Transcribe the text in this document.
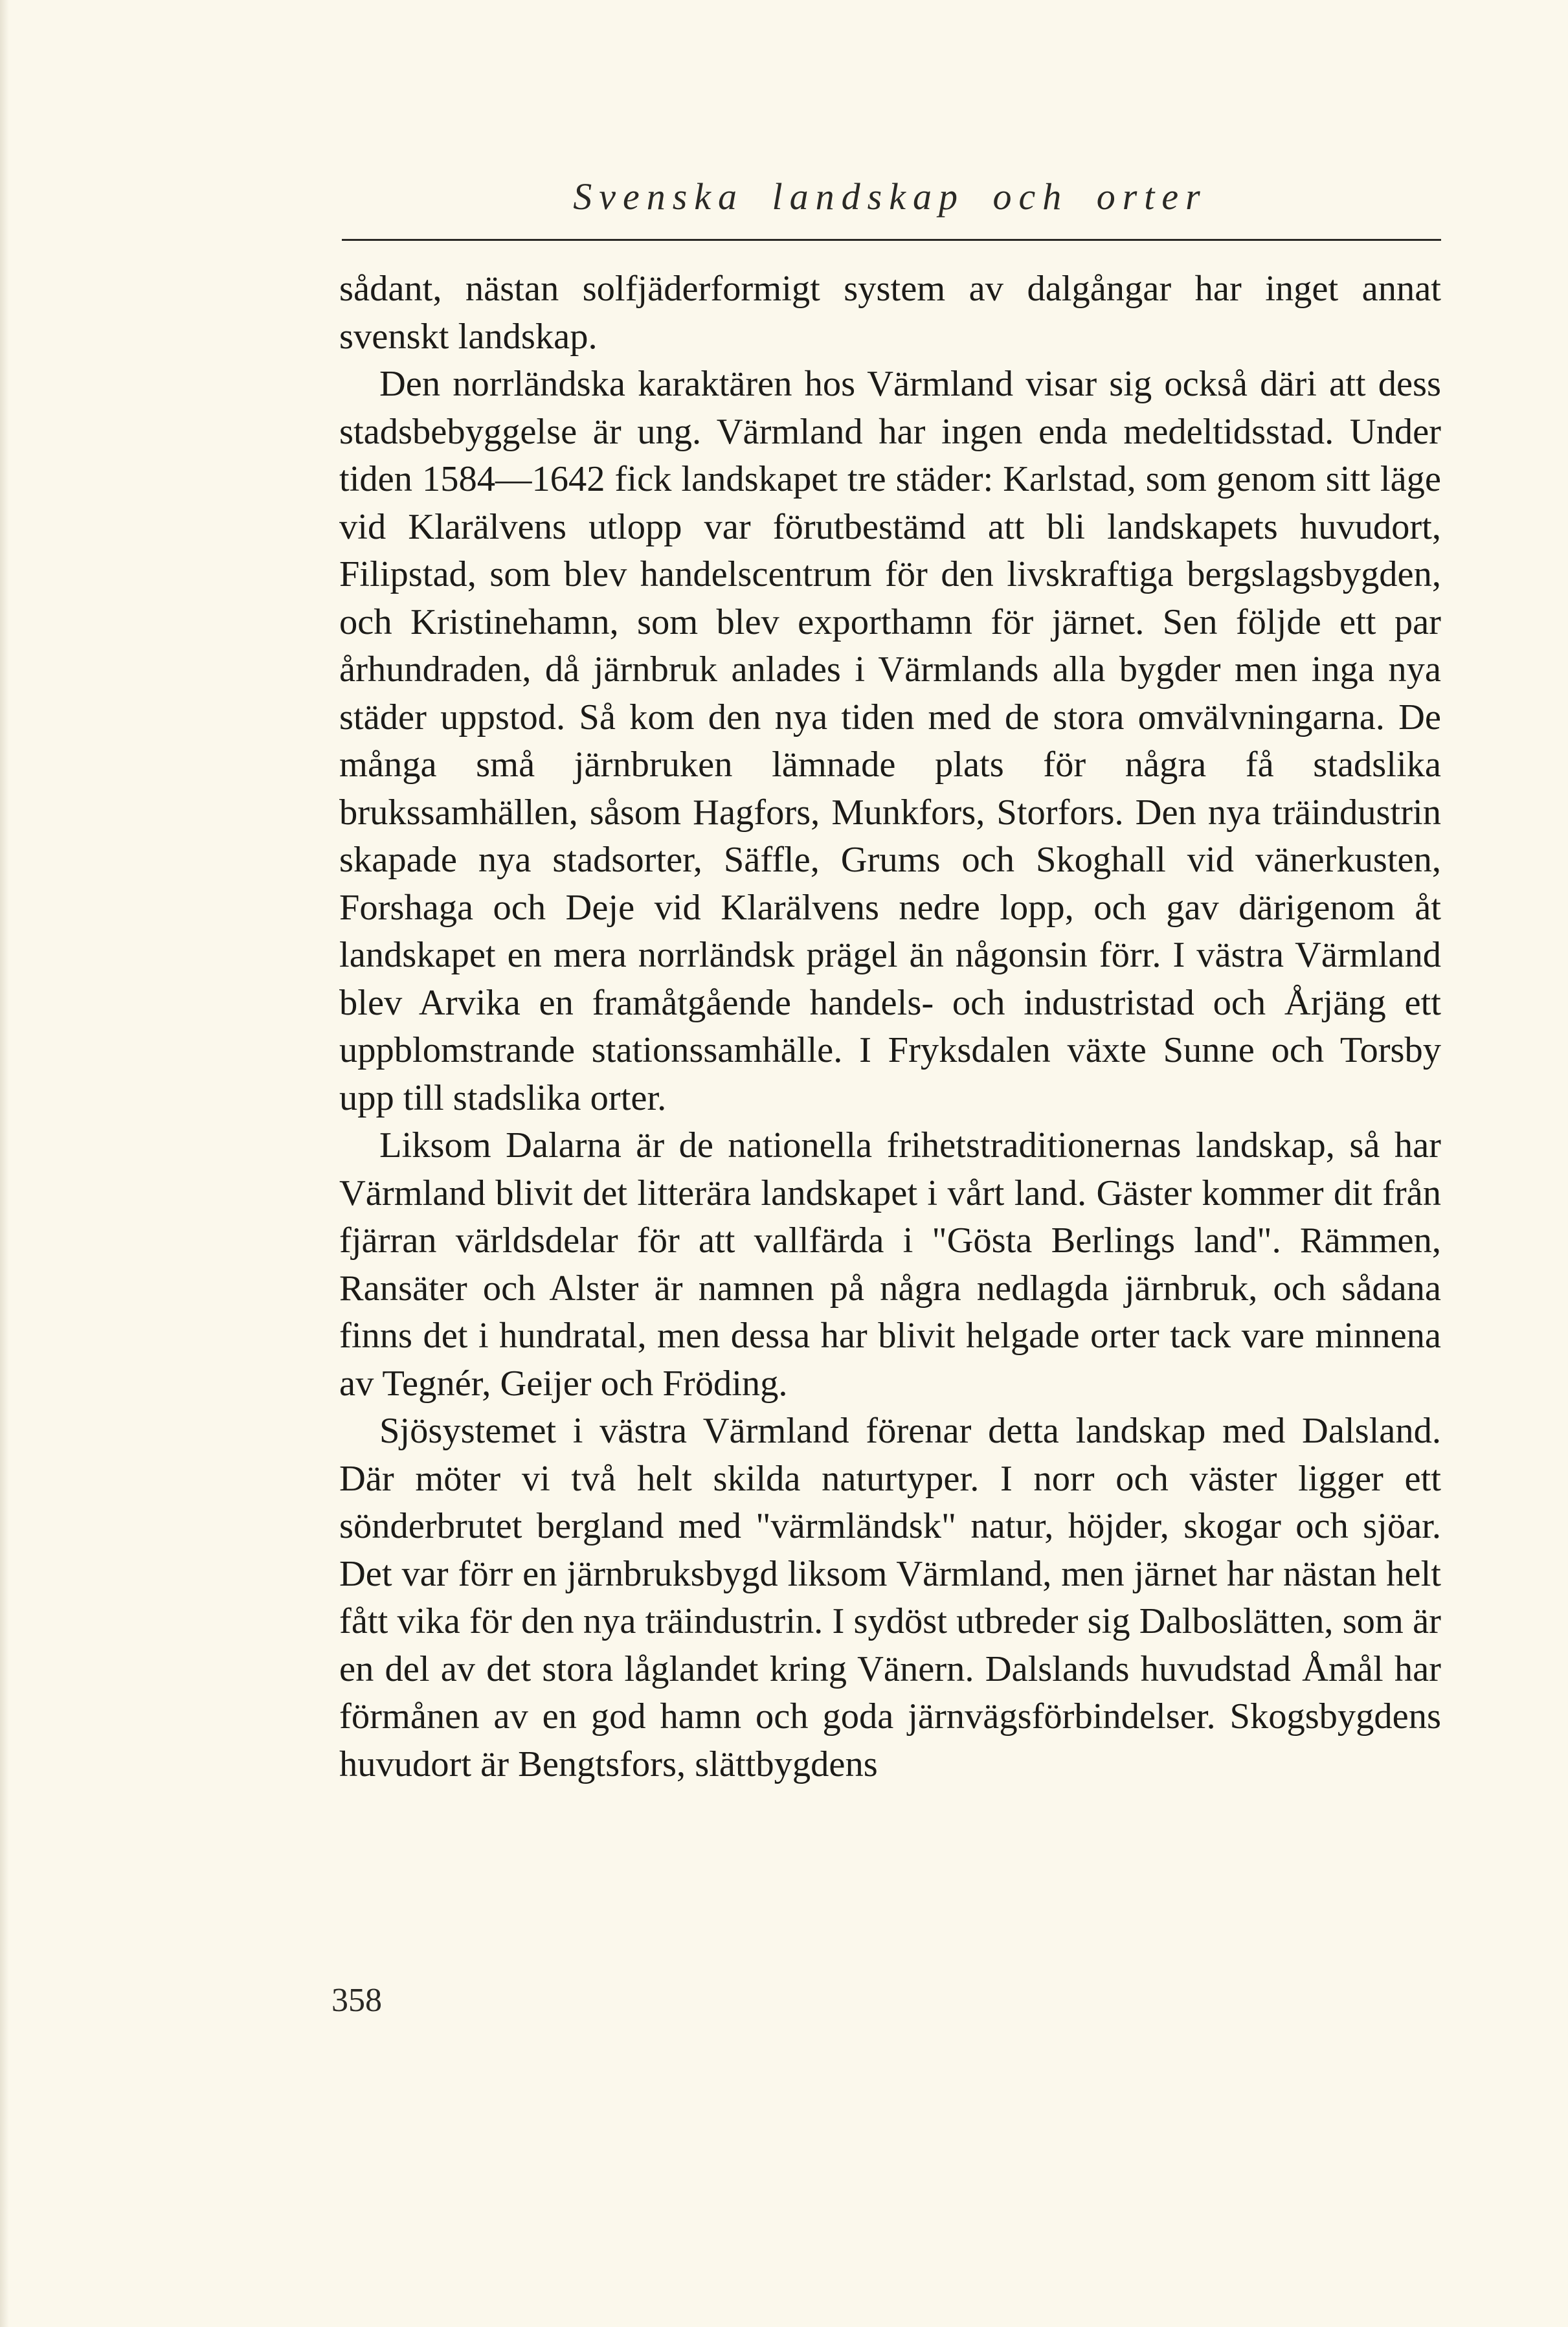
Svenska landskap och orter

sådant, nästan solfjäderformigt system av dalgångar har inget annat svenskt landskap.

Den norrländska karaktären hos Värmland visar sig också däri att dess stadsbebyggelse är ung. Värmland har ingen enda medeltidsstad. Under tiden 1584—1642 fick landskapet tre städer: Karlstad, som genom sitt läge vid Klarälvens utlopp var förutbestämd att bli landskapets huvudort, Filipstad, som blev handelscentrum för den livskraftiga bergslagsbygden, och Kristinehamn, som blev exporthamn för järnet. Sen följde ett par århundraden, då järnbruk anlades i Värmlands alla bygder men inga nya städer uppstod. Så kom den nya tiden med de stora omvälvningarna. De många små järnbruken lämnade plats för några få stadslika brukssamhällen, såsom Hagfors, Munkfors, Storfors. Den nya träindustrin skapade nya stadsorter, Säffle, Grums och Skoghall vid vänerkusten, Forshaga och Deje vid Klarälvens nedre lopp, och gav därigenom åt landskapet en mera norrländsk prägel än någonsin förr. I västra Värmland blev Arvika en framåtgående handels- och industristad och Årjäng ett uppblomstrande stationssamhälle. I Fryksdalen växte Sunne och Torsby upp till stadslika orter.

Liksom Dalarna är de nationella frihetstraditionernas landskap, så har Värmland blivit det litterära landskapet i vårt land. Gäster kommer dit från fjärran världsdelar för att vallfärda i "Gösta Berlings land". Rämmen, Ransäter och Alster är namnen på några nedlagda järnbruk, och sådana finns det i hundratal, men dessa har blivit helgade orter tack vare minnena av Tegnér, Geijer och Fröding.

Sjösystemet i västra Värmland förenar detta landskap med Dalsland. Där möter vi två helt skilda naturtyper. I norr och väster ligger ett sönderbrutet bergland med "värmländsk" natur, höjder, skogar och sjöar. Det var förr en järnbruksbygd liksom Värmland, men järnet har nästan helt fått vika för den nya träindustrin. I sydöst utbreder sig Dalboslätten, som är en del av det stora låglandet kring Vänern. Dalslands huvudstad Åmål har förmånen av en god hamn och goda järnvägsförbindelser. Skogsbygdens huvudort är Bengtsfors, slättbygdens

358
